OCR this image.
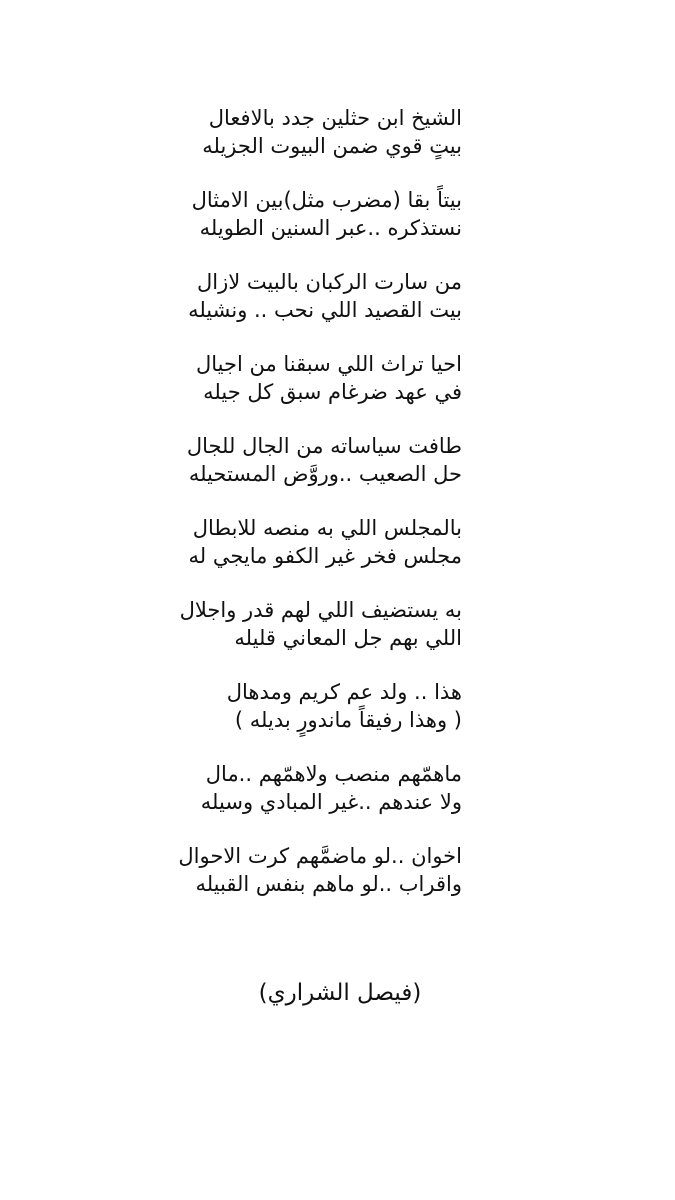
الشيخ ابن حثلين جدد بالافعال
بيتٍ قوي ضمن البيوت الجزيله
بيتاً بقا (مضرب مثل)بين الامثال
نستذكره ..عبر السنين الطويله
من سارت الركبان بالبيت لازال
بيت القصيد اللي نحب .. ونشيله
احيا تراث اللي سبقنا من اجيال
في عهد ضرغام سبق كل جيله
طافت سياساته من الجال للجال
حل الصعيب ..وروَّض المستحيله
بالمجلس اللي به منصه للابطال
مجلس فخر غير الكفو مايجي له
به يستضيف اللي لهم قدر واجلال
اللي بهم جل المعاني قليله
هذا .. ولد عم كريم ومدهال
( وهذا رفيقاً ماندورٍ بديله )
ماهمّهم منصب ولاهمّهم ..مال
ولا عندهم ..غير المبادي وسيله
اخوان ..لو ماضمَّهم كرت الاحوال
واقراب ..لو ماهم بنفس القبيله
(فيصل الشراري)
